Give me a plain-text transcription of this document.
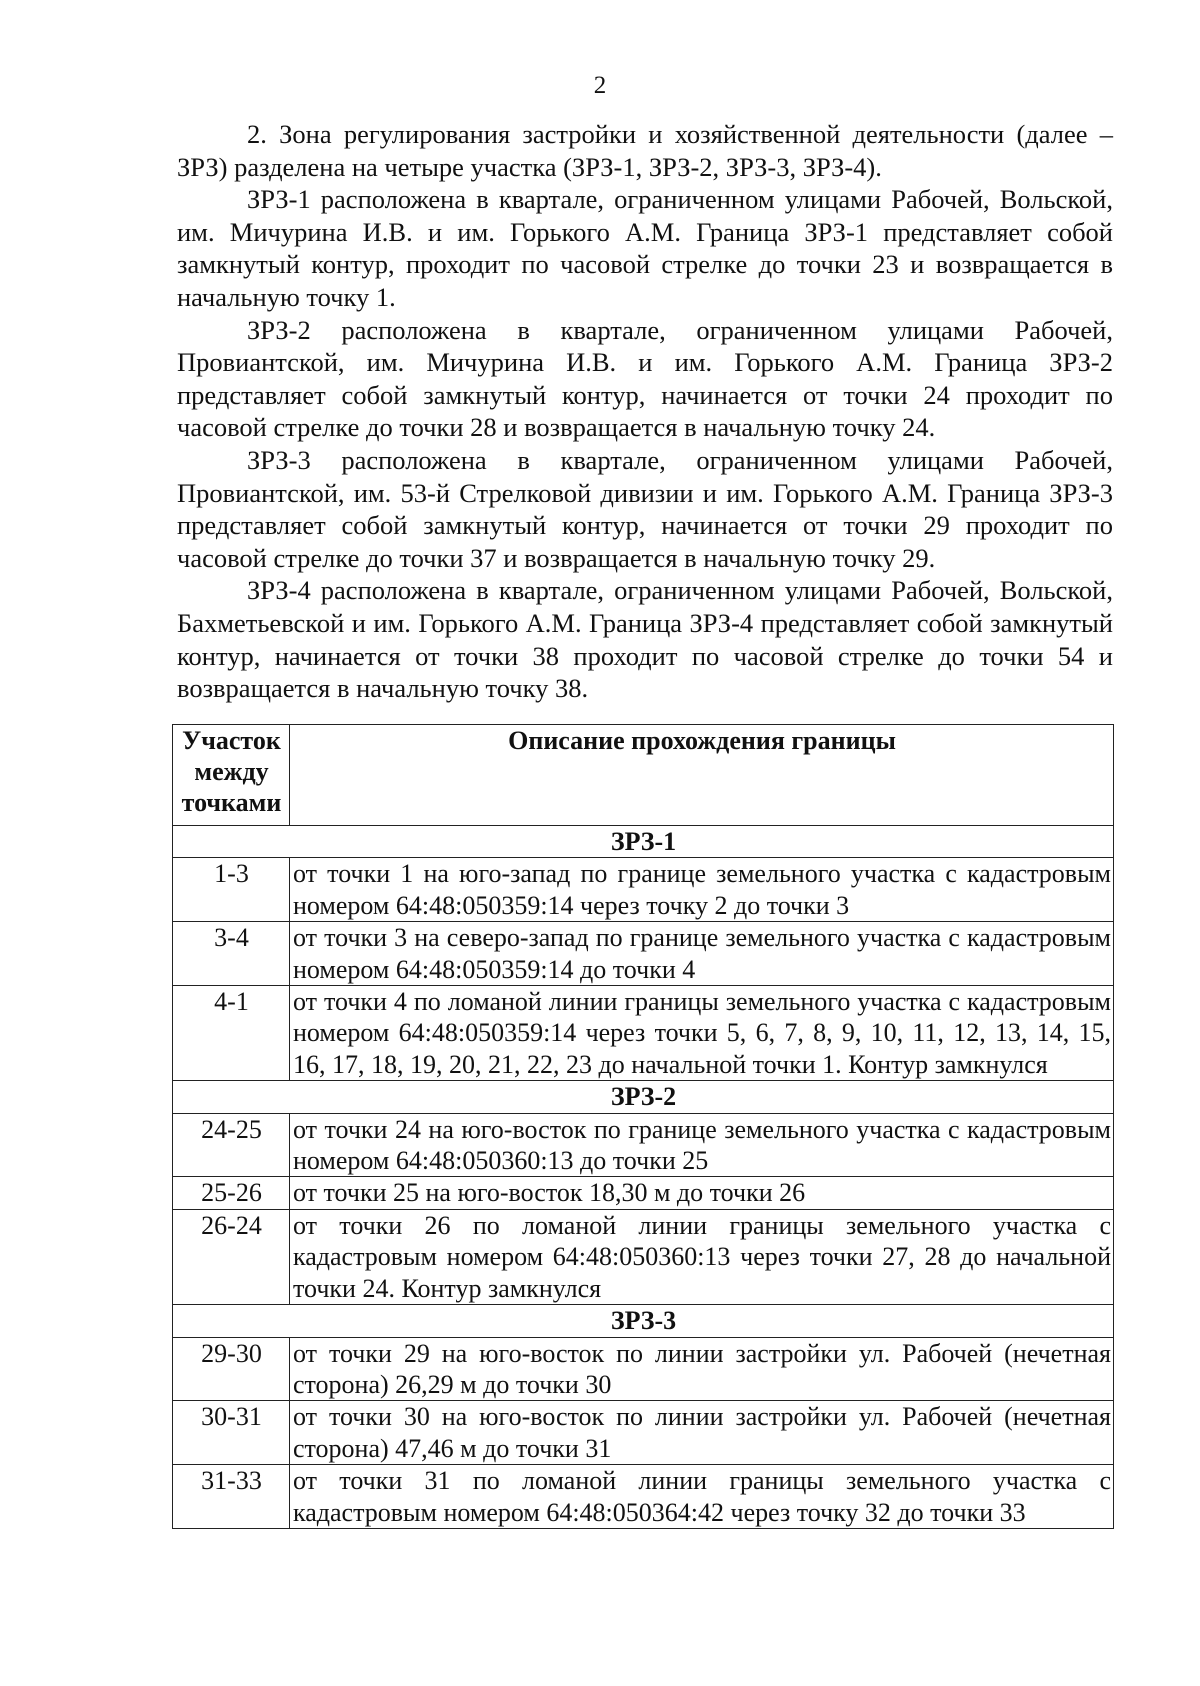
2

2. Зона регулирования застройки и хозяйственной деятельности (далее – ЗРЗ) разделена на четыре участка (ЗРЗ-1, ЗРЗ-2, ЗРЗ-3, ЗРЗ-4).

ЗРЗ-1 расположена в квартале, ограниченном улицами Рабочей, Вольской, им. Мичурина И.В. и им. Горького А.М. Граница ЗРЗ-1 представляет собой замкнутый контур, проходит по часовой стрелке до точки 23 и возвращается в начальную точку 1.

ЗРЗ-2 расположена в квартале, ограниченном улицами Рабочей, Провиантской, им. Мичурина И.В. и им. Горького А.М. Граница ЗРЗ-2 представляет собой замкнутый контур, начинается от точки 24 проходит по часовой стрелке до точки 28 и возвращается в начальную точку 24.

ЗРЗ-3 расположена в квартале, ограниченном улицами Рабочей, Провиантской, им. 53-й Стрелковой дивизии и им. Горького А.М. Граница ЗРЗ-3 представляет собой замкнутый контур, начинается от точки 29 проходит по часовой стрелке до точки 37 и возвращается в начальную точку 29.

ЗРЗ-4 расположена в квартале, ограниченном улицами Рабочей, Вольской, Бахметьевской и им. Горького А.М. Граница ЗРЗ-4 представляет собой замкнутый контур, начинается от точки 38 проходит по часовой стрелке до точки 54 и возвращается в начальную точку 38.

Участок между точками	Описание прохождения границы
ЗРЗ-1	
1-3	от точки 1 на юго-запад по границе земельного участка с кадастровым номером 64:48:050359:14 через точку 2 до точки 3
3-4	от точки 3 на северо-запад по границе земельного участка с кадастровым номером 64:48:050359:14 до точки 4
4-1	от точки 4 по ломаной линии границы земельного участка с кадастровым номером 64:48:050359:14 через точки 5, 6, 7, 8, 9, 10, 11, 12, 13, 14, 15, 16, 17, 18, 19, 20, 21, 22, 23 до начальной точки 1. Контур замкнулся
ЗРЗ-2	
24-25	от точки 24 на юго-восток по границе земельного участка с кадастровым номером 64:48:050360:13 до точки 25
25-26	от точки 25 на юго-восток 18,30 м до точки 26
26-24	от точки 26 по ломаной линии границы земельного участка с кадастровым номером 64:48:050360:13 через точки 27, 28 до начальной точки 24. Контур замкнулся
ЗРЗ-3	
29-30	от точки 29 на юго-восток по линии застройки ул. Рабочей (нечетная сторона) 26,29 м до точки 30
30-31	от точки 30 на юго-восток по линии застройки ул. Рабочей (нечетная сторона) 47,46 м до точки 31
31-33	от точки 31 по ломаной линии границы земельного участка с кадастровым номером 64:48:050364:42 через точку 32 до точки 33
